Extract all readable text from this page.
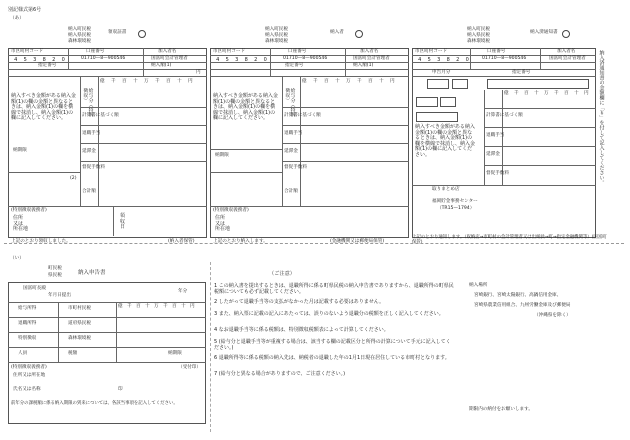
別記様式第6号
（あ）
納入町民税
納入県民税
森林環境税
領収証書
市区町村コード	口座番号	加入者名
4	5	3	8	2	0	01710—8—900546	国富町会計管理者
指定番号	納入額(1)
円
納入すべき金額がある納入金額(1)の欄の金額と異なるときは、納入金額(1)の欄を横線で抹消し、納入金額(1)の欄に記入してください。
給与分（特別徴収）
億	千	百	十	万	千	百	十	円
計算書に基づく額
退職手当
延滞金
督促手数料
納期限
(2)
合計額
(特別徴収義務者)
住所
又は
所在地
領
収
日
上記のとおり領収しました。	(納入者保管)
納入町民税
納入県民税
森林環境税
納入者
市区町村コード	口座番号	加入者名
4	5	3	8	2	0	01710—8—900546	国富町会計管理者
指定番号	納入額(1)
納入すべき金額がある納入金額(1)の欄の金額と異なるときは、納入金額(1)の欄を横線で抹消し、納入金額(1)の欄に記入してください。
給与分（特別徴収）
億	千	百	十	万	千	百	十	円
計算書に基づく額
退職手当
延滞金
督促手数料
納期限
合計額
(特別徴収義務者)
住所
又は
所在地
上記のとおり納入します。	(金融機関又は郵便局保管)
納入町民税
納入県民税
森林環境税
納入済通知書
市区町村コード	口座番号	加入者名
4	5	3	8	2	0	01710—8—900546	国富町会計管理者
指定番号
申告月分
納入すべき金額がある納入金額(1)の欄の金額と異なるときは、納入金額(1)の欄を横線で抹消し、納入金額(1)の欄に記入してください。
億	千	百	十	万	千	百	十	円
計算書に基づく額
退職手当
延滞金
督促手数料
取りまとめ店
福岡貯金事務センター
（TR15—1794）
納入済通知書の金額欄に「￥」を付して記入してください。
上記のとおり通知します。（収納店→市町村の会計管理者又は出納員→町→指定金融機関等）(国富町保管)
（い）
町民税
県民税	納入申告書
国富町長殿
年月日提出
年分
億 千 百 十 万 千 百 十 円
給与所得
退職所得
特別徴収
市町村民税
道府県民税
森林環境税
人員	税額	納期限
(特別徴収義務者)	（受付印）
住所又は所在地
氏名又は名称	印
前年分の課税額に係る納入期限の到来については、各該当事項を記入してください。
（ご注意）
1 この納入書を提出するときは、退職所得に係る町県民税の納入申告書でありますから、退職所得の町県民税額についても必ず記載してください。
2 したがって退職手当等の支払がなかった月は記載する必要はありません。
3 また、納入票に記載の記入にあたっては、誤りのないよう退職分の税額を正しく記入してください。
4 なお退職手当等に係る税額は、特別徴収税額表によって計算してください。
5 (給与分と退職手当等が重複する場合は、該当する欄の記載区分と所得の計算について手元に記入してください。)
6 退職所得等に係る税額の納入先は、納税者の退職した年の1月1日現在居住している市町村となります。
7 (給与分と異なる場合がありますので、ご注意ください。)
納入場所
宮崎銀行、宮崎太陽銀行、高鍋信用金庫、
宮崎県農業信用組合、九州労働金庫及び郵便局
（沖縄県を除く）
期限内の納付をお願いします。
